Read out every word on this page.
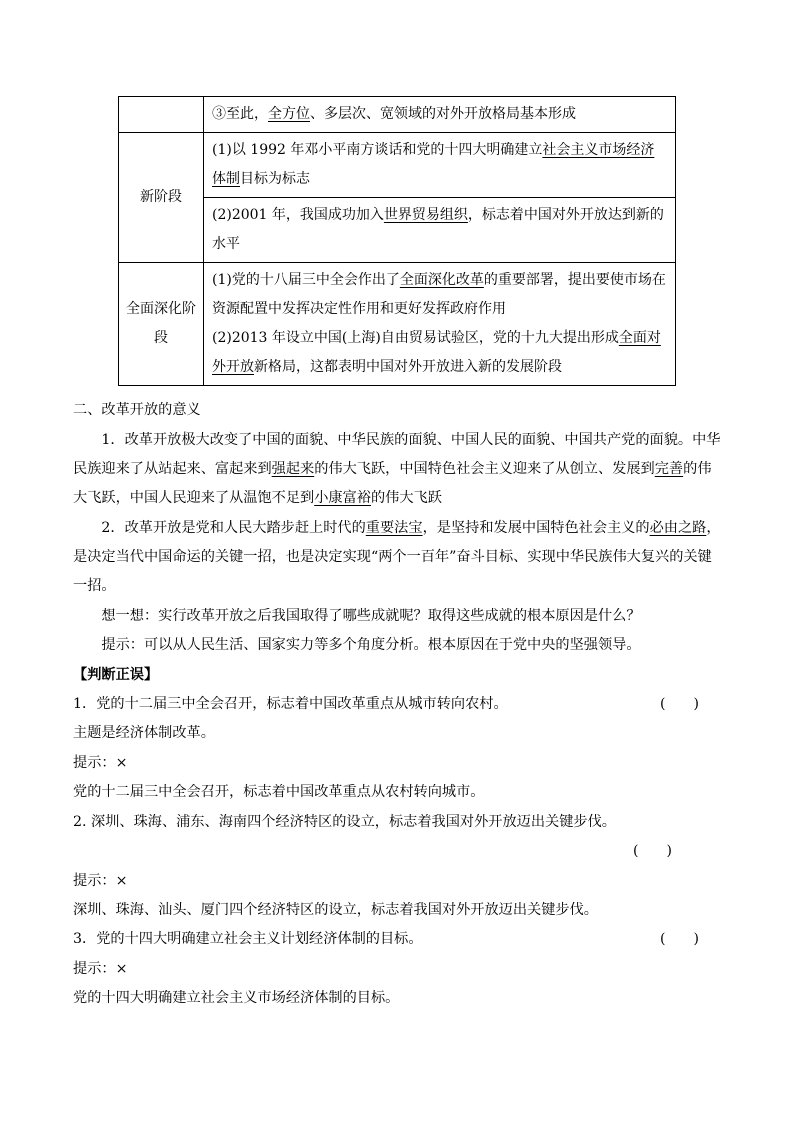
	③至此，全方位、多层次、宽领域的对外开放格局基本形成
新阶段	(1)以 1992 年邓小平南方谈话和党的十四大明确建立社会主义市场经济体制目标为标志
	(2)2001 年，我国成功加入世界贸易组织，标志着中国对外开放达到新的水平
全面深化阶段	(1)党的十八届三中全会作出了全面深化改革的重要部署，提出要使市场在资源配置中发挥决定性作用和更好发挥政府作用
(2)2013 年设立中国(上海)自由贸易试验区，党的十九大提出形成全面对外开放新格局，这都表明中国对外开放进入新的发展阶段

二、改革开放的意义

1．改革开放极大改变了中国的面貌、中华民族的面貌、中国人民的面貌、中国共产党的面貌。中华民族迎来了从站起来、富起来到强起来的伟大飞跃，中国特色社会主义迎来了从创立、发展到完善的伟大飞跃，中国人民迎来了从温饱不足到小康富裕的伟大飞跃

2．改革开放是党和人民大踏步赶上时代的重要法宝，是坚持和发展中国特色社会主义的必由之路，是决定当代中国命运的关键一招，也是决定实现“两个一百年”奋斗目标、实现中华民族伟大复兴的关键一招。

想一想：实行改革开放之后我国取得了哪些成就呢？取得这些成就的根本原因是什么？

提示：可以从人民生活、国家实力等多个角度分析。根本原因在于党中央的坚强领导。

【判断正误】

1．党的十二届三中全会召开，标志着中国改革重点从城市转向农村。	(　　)

主题是经济体制改革。

提示：×

党的十二届三中全会召开，标志着中国改革重点从农村转向城市。

2. 深圳、珠海、浦东、海南四个经济特区的设立，标志着我国对外开放迈出关键步伐。

(　　)

提示：×

深圳、珠海、汕头、厦门四个经济特区的设立，标志着我国对外开放迈出关键步伐。

3．党的十四大明确建立社会主义计划经济体制的目标。	(　　)

提示：×

党的十四大明确建立社会主义市场经济体制的目标。
